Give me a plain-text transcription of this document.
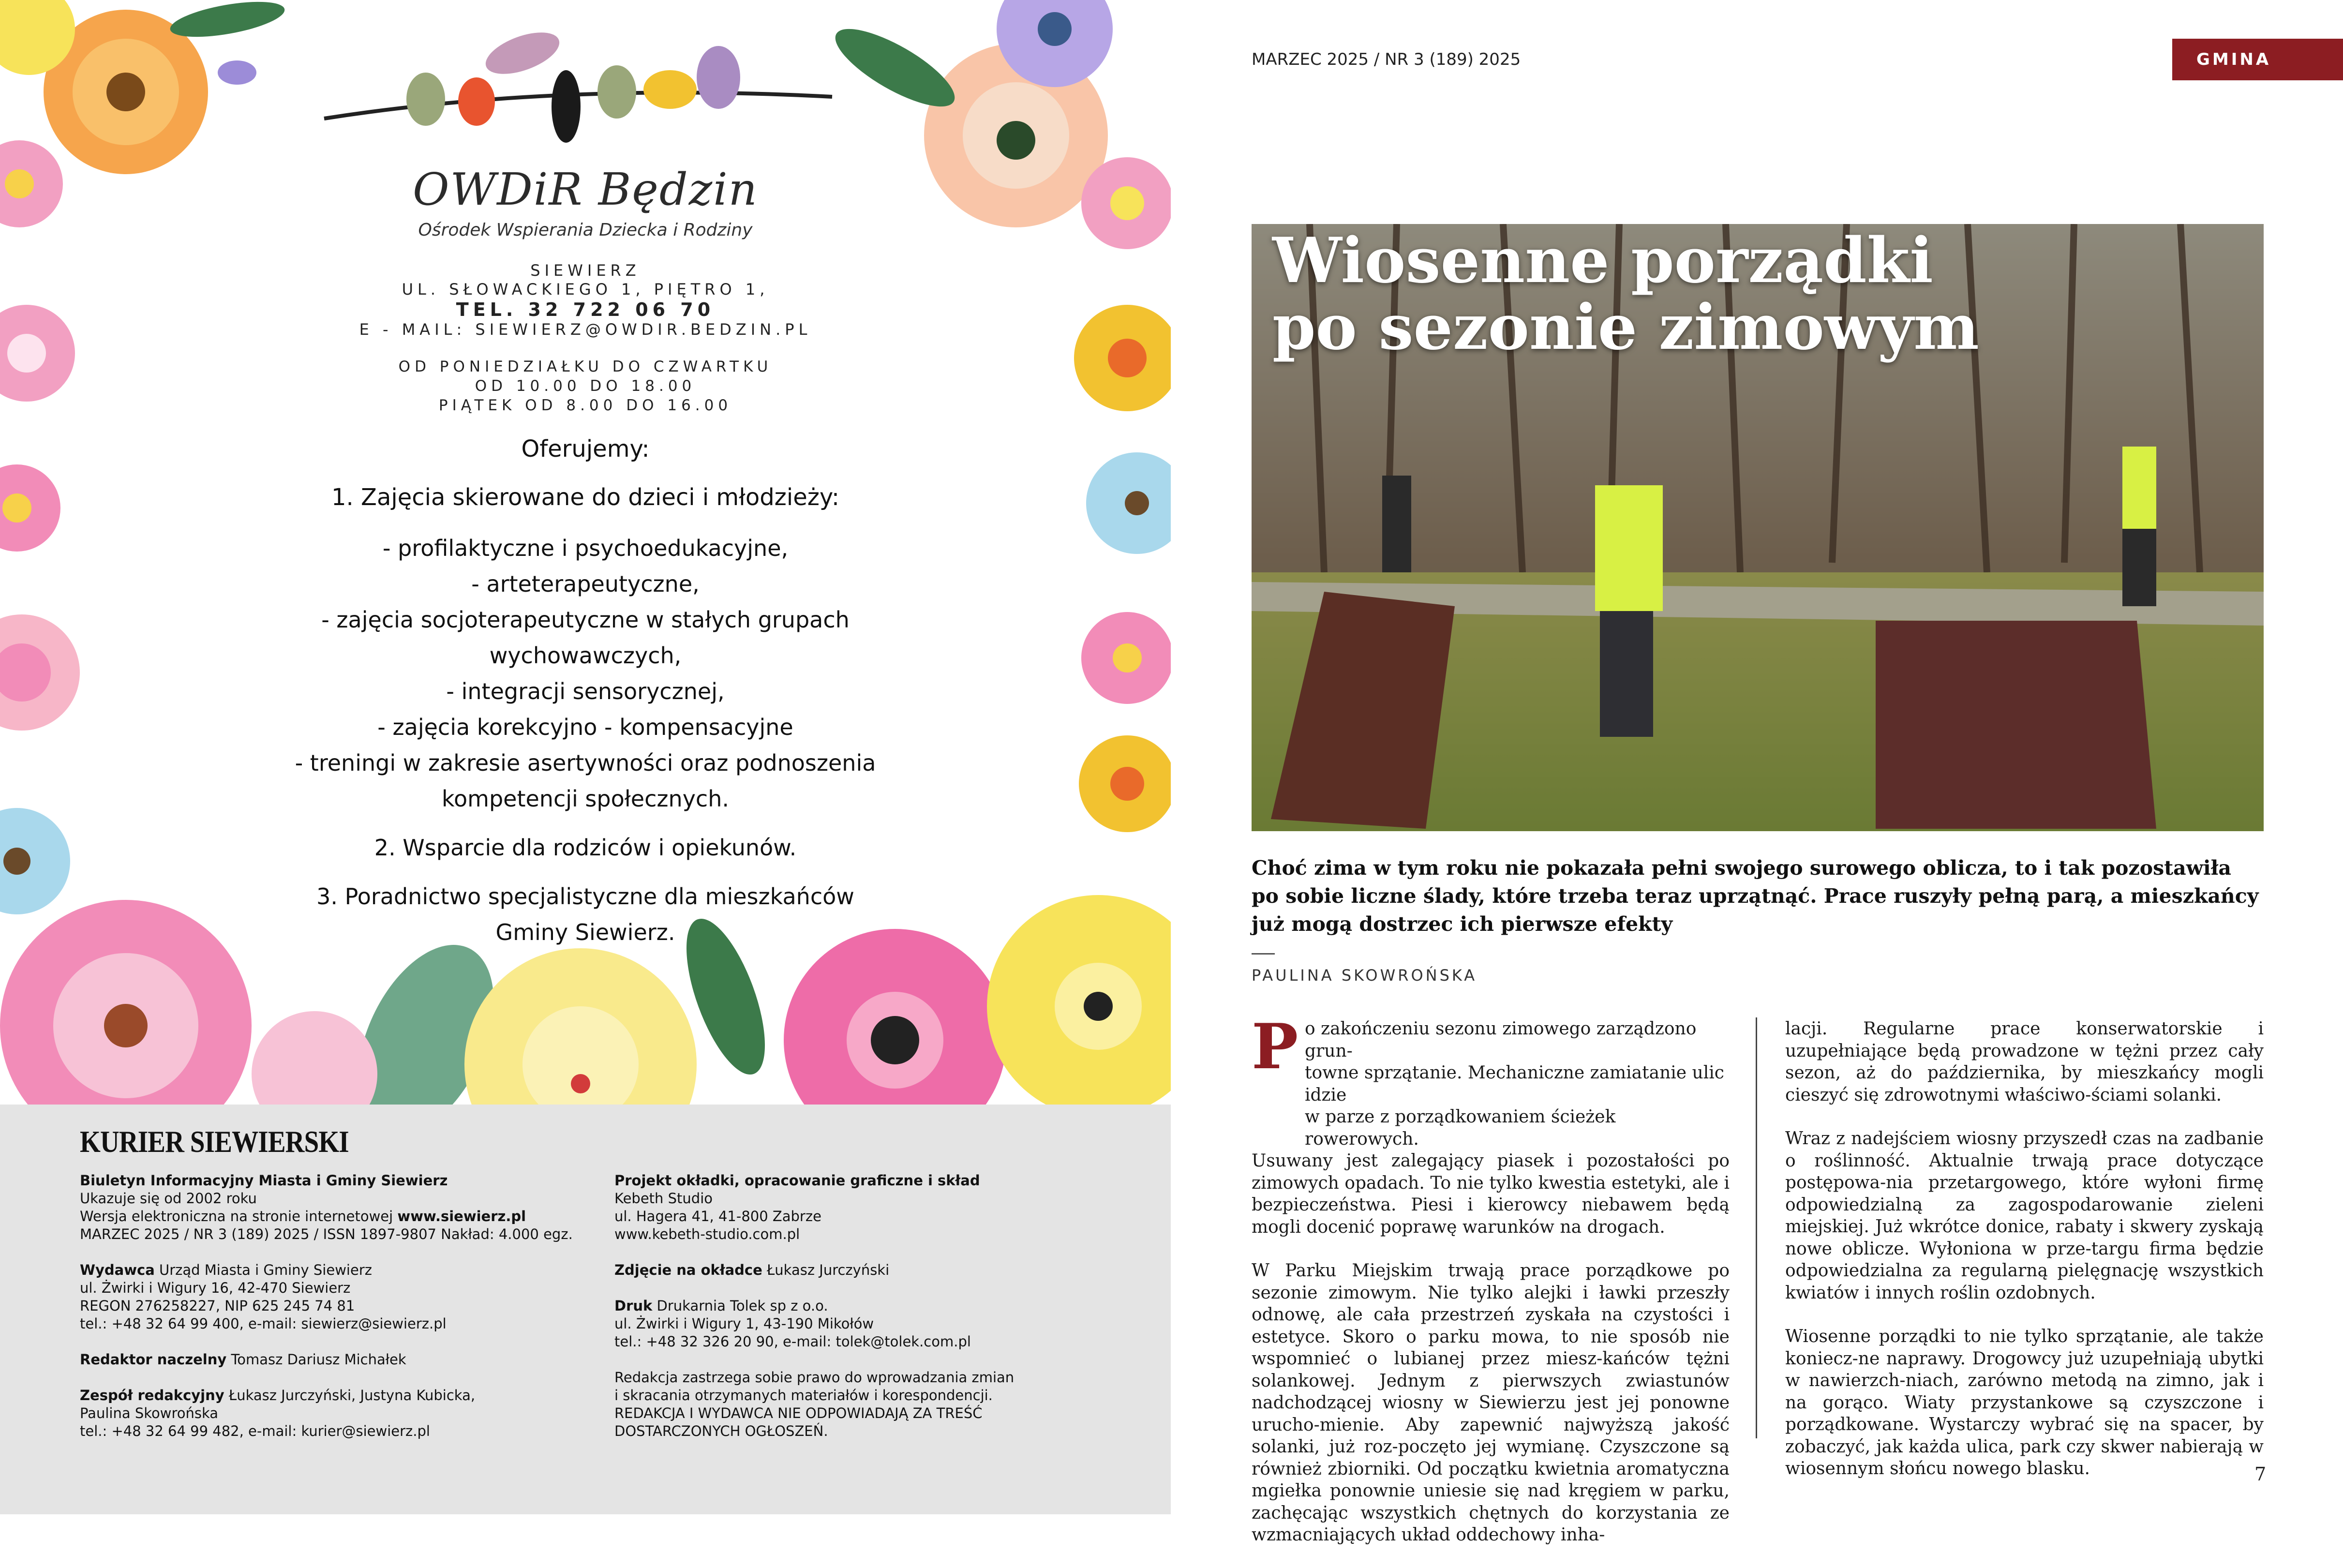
OWDiR Będzin
Ośrodek Wspierania Dziecka i Rodziny
SIEWIERZ
UL. SŁOWACKIEGO 1, PIĘTRO 1,
TEL. 32 722 06 70
E - MAIL: SIEWIERZ@OWDIR.BEDZIN.PL
OD PONIEDZIAŁKU DO CZWARTKU
OD 10.00 DO 18.00
PIĄTEK OD 8.00 DO 16.00
Oferujemy:
1. Zajęcia skierowane do dzieci i młodzieży:
- profilaktyczne i psychoedukacyjne,
- arteterapeutyczne,
- zajęcia socjoterapeutyczne w stałych grupach
wychowawczych,
- integracji sensorycznej,
- zajęcia korekcyjno - kompensacyjne
- treningi w zakresie asertywności oraz podnoszenia
kompetencji społecznych.
2. Wsparcie dla rodziców i opiekunów.
3. Poradnictwo specjalistyczne dla mieszkańców
Gminy Siewierz.
KURIER SIEWIERSKI

Biuletyn Informacyjny Miasta i Gminy Siewierz

Ukazuje się od 2002 roku

Wersja elektroniczna na stronie internetowej www.siewierz.pl

MARZEC 2025 / NR 3 (189) 2025 / ISSN 1897-9807 Nakład: 4.000 egz.

Wydawca Urząd Miasta i Gminy Siewierz

ul. Żwirki i Wigury 16, 42-470 Siewierz

REGON 276258227, NIP 625 245 74 81

tel.: +48 32 64 99 400, e-mail: siewierz@siewierz.pl

Redaktor naczelny Tomasz Dariusz Michałek

Zespół redakcyjny Łukasz Jurczyński, Justyna Kubicka,

Paulina Skowrońska

tel.: +48 32 64 99 482, e-mail: kurier@siewierz.pl

Projekt okładki, opracowanie graficzne i skład

Kebeth Studio

ul. Hagera 41, 41-800 Zabrze

www.kebeth-studio.com.pl

Zdjęcie na okładce Łukasz Jurczyński

Druk Drukarnia Tolek sp z o.o.

ul. Żwirki i Wigury 1, 43-190 Mikołów

tel.: +48 32 326 20 90, e-mail: tolek@tolek.com.pl

Redakcja zastrzega sobie prawo do wprowadzania zmian

i skracania otrzymanych materiałów i korespondencji.

REDAKCJA I WYDAWCA NIE ODPOWIADAJĄ ZA TREŚĆ

DOSTARCZONYCH OGŁOSZEŃ.

MARZEC 2025 / NR 3 (189) 2025	GMINA
Wiosenne porządki
po sezonie zimowym
Choć zima w tym roku nie pokazała pełni swojego surowego oblicza, to i tak pozostawiła po sobie liczne ślady, które trzeba teraz uprzątnąć. Prace ruszyły pełną parą, a mieszkańcy już mogą dostrzec ich pierwsze efekty
PAULINA SKOWROŃSKA
P o zakończeniu sezonu zimowego zarządzono grun-
towne sprzątanie. Mechaniczne zamiatanie ulic idzie
w parze z porządkowaniem ścieżek rowerowych.

Usuwany jest zalegający piasek i pozostałości po zimowych opadach. To nie tylko kwestia estetyki, ale i bezpieczeństwa. Piesi i kierowcy niebawem będą mogli docenić poprawę warunków na drogach.

W Parku Miejskim trwają prace porządkowe po sezonie zimowym. Nie tylko alejki i ławki przeszły odnowę, ale cała przestrzeń zyskała na czystości i estetyce. Skoro o parku mowa, to nie sposób nie wspomnieć o lubianej przez miesz-kańców tężni solankowej. Jednym z pierwszych zwiastunów nadchodzącej wiosny w Siewierzu jest jej ponowne urucho-mienie. Aby zapewnić najwyższą jakość solanki, już roz-poczęto jej wymianę. Czyszczone są również zbiorniki. Od początku kwietnia aromatyczna mgiełka ponownie uniesie się nad kręgiem w parku, zachęcając wszystkich chętnych do korzystania ze wzmacniających układ oddechowy inha-

lacji. Regularne prace konserwatorskie i uzupełniające będą prowadzone w tężni przez cały sezon, aż do października, by mieszkańcy mogli cieszyć się zdrowotnymi właściwo-ściami solanki.

Wraz z nadejściem wiosny przyszedł czas na zadbanie o roślinność. Aktualnie trwają prace dotyczące postępowa-nia przetargowego, które wyłoni firmę odpowiedzialną za zagospodarowanie zieleni miejskiej. Już wkrótce donice, rabaty i skwery zyskają nowe oblicze. Wyłoniona w prze-targu firma będzie odpowiedzialna za regularną pielęgnację wszystkich kwiatów i innych roślin ozdobnych.

Wiosenne porządki to nie tylko sprzątanie, ale także koniecz-ne naprawy. Drogowcy już uzupełniają ubytki w nawierzch-niach, zarówno metodą na zimno, jak i na gorąco. Wiaty przystankowe są czyszczone i porządkowane. Wystarczy wybrać się na spacer, by zobaczyć, jak każda ulica, park czy skwer nabierają w wiosennym słońcu nowego blasku.	7
